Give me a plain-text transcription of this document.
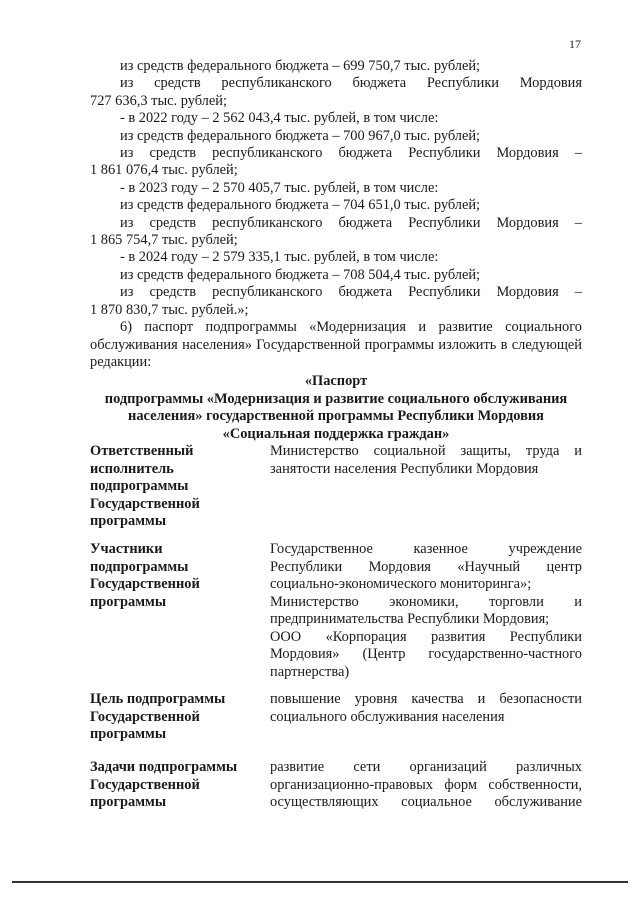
17
из средств федерального бюджета – 699 750,7 тыс. рублей;
из средств республиканского бюджета Республики Мордовия
727 636,3 тыс. рублей;
- в 2022 году – 2 562 043,4 тыс. рублей, в том числе:
из средств федерального бюджета – 700 967,0 тыс. рублей;
из средств республиканского бюджета Республики Мордовия –
1 861 076,4 тыс. рублей;
- в 2023 году – 2 570 405,7 тыс. рублей, в том числе:
из средств федерального бюджета – 704 651,0 тыс. рублей;
из средств республиканского бюджета Республики Мордовия –
1 865 754,7 тыс. рублей;
- в 2024 году – 2 579 335,1 тыс. рублей, в том числе:
из средств федерального бюджета – 708 504,4 тыс. рублей;
из средств республиканского бюджета Республики Мордовия –
1 870 830,7 тыс. рублей.»;
6) паспорт подпрограммы «Модернизация и развитие социального обслуживания населения» Государственной программы изложить в следующей редакции:
«Паспорт
подпрограммы «Модернизация и развитие социального обслуживания
населения» государственной программы Республики Мордовия
«Социальная поддержка граждан»
Ответственный
исполнитель
подпрограммы
Государственной
программы
Министерство социальной защиты, труда и
занятости населения Республики Мордовия
Участники
подпрограммы
Государственной
программы
Государственное казенное учреждение
Республики Мордовия «Научный центр
социально-экономического мониторинга»;
Министерство экономики, торговли и
предпринимательства Республики Мордовия;
ООО «Корпорация развития Республики
Мордовия» (Центр государственно-частного
партнерства)
Цель подпрограммы
Государственной
программы
повышение уровня качества и безопасности
социального обслуживания населения
Задачи подпрограммы
Государственной
программы
развитие сети организаций различных
организационно-правовых форм собственности,
осуществляющих социальное обслуживание
